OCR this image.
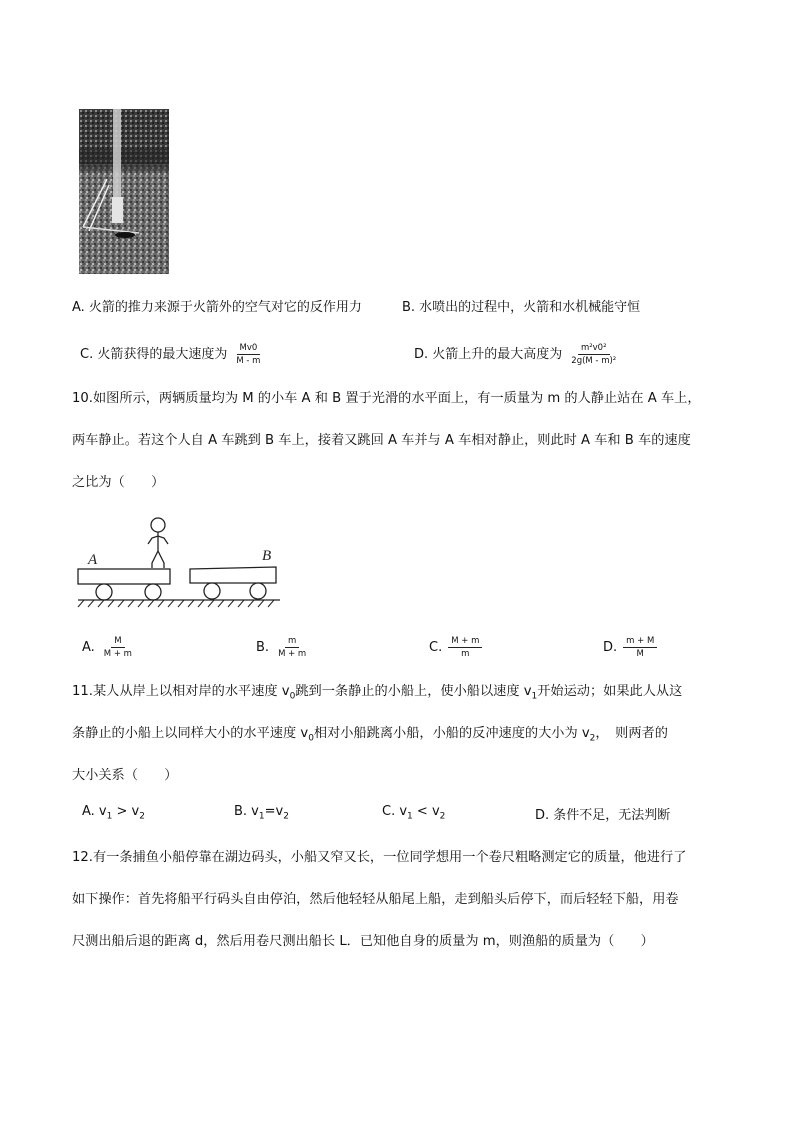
A. 火箭的推力来源于火箭外的空气对它的反作用力	B. 水喷出的过程中，火箭和水机械能守恒
C. 火箭获得的最大速度为 $\frac{Mv0}{M - m}$	D. 火箭上升的最大高度为 $\frac{\text{m²v0²}}{\text{2g(M - m)²}}$
10.如图所示，两辆质量均为 M 的小车 A 和 B 置于光滑的水平面上，有一质量为 m 的人静止站在 A 车上，
两车静止。若这个人自 A 车跳到 B 车上，接着又跳回 A 车并与 A 车相对静止，则此时 A 车和 B 车的速度
之比为（　　）
A	B
A. $\frac{M}{M + m}$	B. $\frac{m}{M + m}$	C. $\frac{M + m}{m}$	D. $\frac{m + M}{M}$
11.某人从岸上以相对岸的水平速度 $v_0$跳到一条静止的小船上，使小船以速度 $v_1$开始运动；如果此人从这
条静止的小船上以同样大小的水平速度 $v_0$相对小船跳离小船，小船的反冲速度的大小为 $v_2$，　则两者的
大小关系（　　）
A. $v_1 > v_2$	B. $v_1=v_2$	C. $v_1 < v_2$	D. 条件不足，无法判断
12.有一条捕鱼小船停靠在湖边码头，小船又窄又长，一位同学想用一个卷尺粗略测定它的质量，他进行了
如下操作：首先将船平行码头自由停泊，然后他轻轻从船尾上船，走到船头后停下，而后轻轻下船，用卷
尺测出船后退的距离 d，然后用卷尺测出船长 L．已知他自身的质量为 m，则渔船的质量为（　　）
